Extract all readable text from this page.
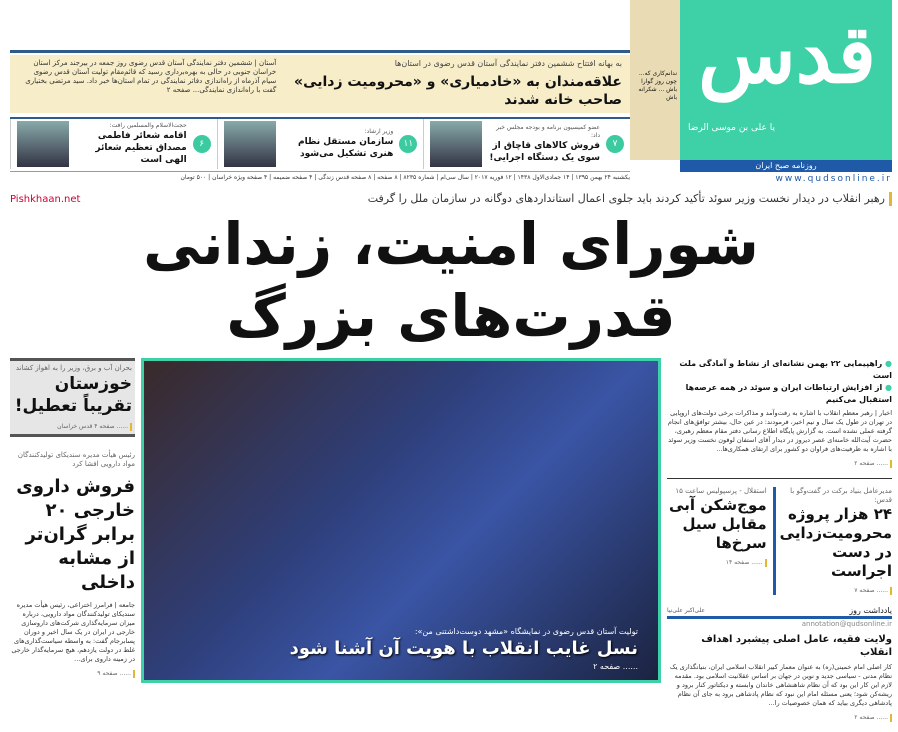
قدس
یا علی بن موسی الرضا
ندانم‌کاری که... چون روز گوارا باش ... شکرانه باش
روزنامه صبح ایران
www.qudsonline.ir
به بهانه افتتاح ششمین دفتر نمایندگی آستان قدس رضوی در استان‌ها
علاقه‌مندان به «خادمیاری» و «محرومیت زدایی» صاحب خانه شدند
آستان | ششمین دفتر نمایندگی آستان قدس رضوی روز جمعه در بیرجند مرکز استان خراسان جنوبی در حالی به بهره‌برداری رسید که قائم‌مقام تولیت آستان قدس رضوی سیام آذرماه از راه‌اندازی دفاتر نمایندگی در تمام استان‌ها خبر داد. سید مرتضی بختیاری گفت با راه‌اندازی نمایندگی... صفحه ۲
۷
عضو کمیسیون برنامه و بودجه مجلس خبر داد:
فروش کالاهای قاچاق از سوی یک دستگاه اجرایی!
۱۱
وزیر ارشاد:
سازمان مستقل نظام هنری تشکیل می‌شود
۶
حجت‌الاسلام والمسلمین رافت:
اقامه شعائر فاطمی مصداق تعظیم شعائر الهی است
یکشنبه ۲۴ بهمن ۱۳۹۵ | ۱۴ جمادی‌الاول ۱۴۳۸ | ۱۲ فوریه ۲۰۱۷ | سال سی‌ام | شماره ۸۲۳۵ | ۸ صفحه | ۸ صفحه قدس زندگی | ۴ صفحه ضمیمه | ۴ صفحه ویژه خراسان | ۵۰۰ تومان
رهبر انقلاب در دیدار نخست وزیر سوئد تأکید کردند باید جلوی اعمال استانداردهای دوگانه در سازمان ملل را گرفت
Pishkhaan.net
شورای امنیت، زندانی قدرت‌های بزرگ
● راهپیمایی ۲۲ بهمن نشانه‌ای از نشاط و آمادگی ملت است
● از افزایش ارتباطات ایران و سوئد در همه عرصه‌ها استقبال می‌کنیم
اخبار | رهبر معظم انقلاب با اشاره به رفت‌وآمد و مذاکرات برخی دولت‌های اروپایی در تهران در طول یک سال و نیم اخیر، فرمودند: در عین حال، بیشتر توافق‌های انجام گرفته عملی نشده است. به گزارش پایگاه اطلاع رسانی دفتر مقام معظم رهبری، حضرت آیت‌الله خامنه‌ای عصر دیروز در دیدار آقای استفان لوفون نخست وزیر سوئد با اشاره به ظرفیت‌های فراوان دو کشور برای ارتقای همکاری‌ها...
...... صفحه ۲
مدیرعامل بنیاد برکت در گفت‌وگو با قدس:
۲۴ هزار پروژه محرومیت‌زدایی در دست اجراست
...... صفحه ۷
استقلال - پرسپولیس ساعت ۱۵
موج‌شکن آبی مقابل سیل سرخ‌ها
...... صفحه ۱۴
یادداشت روز
علی‌اکبر علی‌نیا
annotation@qudsonline.ir
ولایت فقیه، عامل اصلی پیشبرد اهداف انقلاب
کار اصلی امام خمینی(ره) به عنوان معمار کبیر انقلاب اسلامی ایران، بنیانگذاری یک نظام مدنی - سیاسی جدید و نوین در جهان بر اساس عقلانیت اسلامی بود. مقدمه لازم این کار این بود که آن نظام شاهنشاهی خاندان وابسته و دیکتاتور کنار برود و ریشه‌کن شود؛ یعنی مسئله امام این نبود که نظام پادشاهی برود به جای آن نظام پادشاهی دیگری بیاید که همان خصوصیات را...
...... صفحه ۲
تولیت آستان قدس رضوی در نمایشگاه «مشهد دوست‌داشتنی من»:
نسل غایب انقلاب با هویت آن آشنا شود
...... صفحه ۲
بحران آب و برق، وزیر را به اهواز کشاند
خوزستان تقریباً تعطیل!
...... صفحه ۴ قدس خراسان
رئیس هیأت مدیره سندیکای تولیدکنندگان مواد دارویی افشا کرد
فروش داروی خارجی ۲۰ برابر گران‌تر از مشابه داخلی
جامعه | فرامرز اختراعی، رئیس هیأت مدیره سندیکای تولیدکنندگان مواد دارویی، درباره میزان سرمایه‌گذاری شرکت‌های داروسازی خارجی در ایران در یک سال اخیر و دوران پسابرجام گفت: به واسطه سیاست‌گذاری‌های غلط در دولت یازدهم، هیچ سرمایه‌گذار خارجی در زمینه داروی برای...
...... صفحه ۹
